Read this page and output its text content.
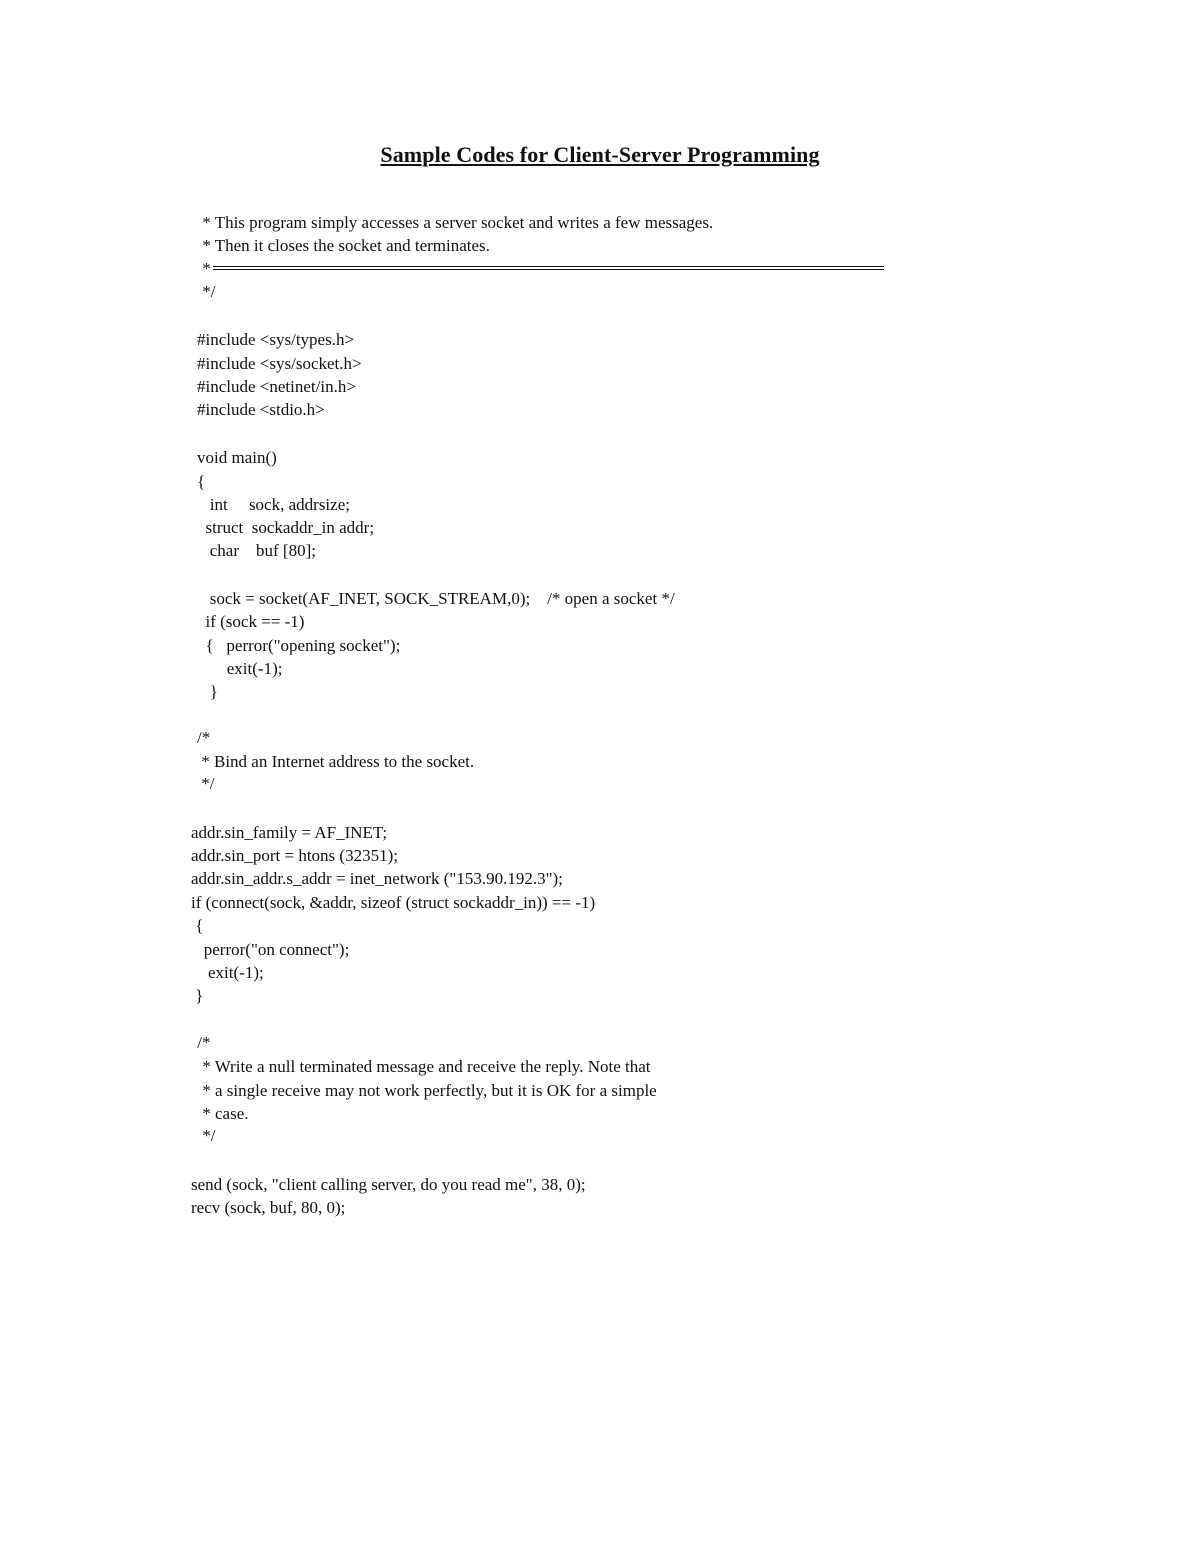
Sample Codes for Client-Server Programming
* This program simply accesses a server socket and writes a few messages.
* Then it closes the socket and terminates.
*
*/
#include <sys/types.h>
#include <sys/socket.h>
#include <netinet/in.h>
#include <stdio.h>
void main()
{
int     sock, addrsize;
struct  sockaddr_in addr;
char    buf [80];
sock = socket(AF_INET, SOCK_STREAM,0);    /* open a socket */
if (sock == -1)
{   perror("opening socket");
exit(-1);
}
/*
* Bind an Internet address to the socket.
*/
addr.sin_family = AF_INET;
addr.sin_port = htons (32351);
addr.sin_addr.s_addr = inet_network ("153.90.192.3");
if (connect(sock, &addr, sizeof (struct sockaddr_in)) == -1)
{
perror("on connect");
exit(-1);
}
/*
* Write a null terminated message and receive the reply. Note that
* a single receive may not work perfectly, but it is OK for a simple
* case.
*/
send (sock, "client calling server, do you read me", 38, 0);
recv (sock, buf, 80, 0);
